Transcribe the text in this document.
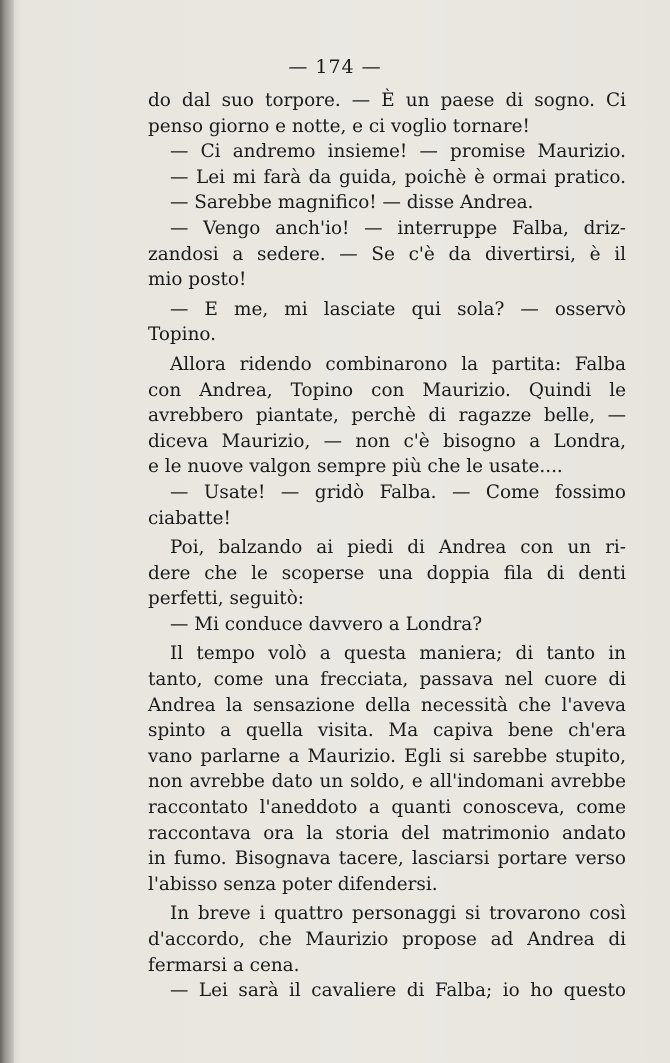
— 174 —
do dal suo torpore. — È un paese di sogno. Ci
penso giorno e notte, e ci voglio tornare!
— Ci andremo insieme! — promise Maurizio.
— Lei mi farà da guida, poichè è ormai pratico.
— Sarebbe magnifico! — disse Andrea.
— Vengo anch'io! — interruppe Falba, driz-
zandosi a sedere. — Se c'è da divertirsi, è il
mio posto!
— E me, mi lasciate qui sola? — osservò
Topino.
Allora ridendo combinarono la partita: Falba
con Andrea, Topino con Maurizio. Quindi le
avrebbero piantate, perchè di ragazze belle, —
diceva Maurizio, — non c'è bisogno a Londra,
e le nuove valgon sempre più che le usate....
— Usate! — gridò Falba. — Come fossimo
ciabatte!
Poi, balzando ai piedi di Andrea con un ri-
dere che le scoperse una doppia fila di denti
perfetti, seguitò:
— Mi conduce davvero a Londra?
Il tempo volò a questa maniera; di tanto in
tanto, come una frecciata, passava nel cuore di
Andrea la sensazione della necessità che l'aveva
spinto a quella visita. Ma capiva bene ch'era
vano parlarne a Maurizio. Egli si sarebbe stupito,
non avrebbe dato un soldo, e all'indomani avrebbe
raccontato l'aneddoto a quanti conosceva, come
raccontava ora la storia del matrimonio andato
in fumo. Bisognava tacere, lasciarsi portare verso
l'abisso senza poter difendersi.
In breve i quattro personaggi si trovarono così
d'accordo, che Maurizio propose ad Andrea di
fermarsi a cena.
— Lei sarà il cavaliere di Falba; io ho questo
